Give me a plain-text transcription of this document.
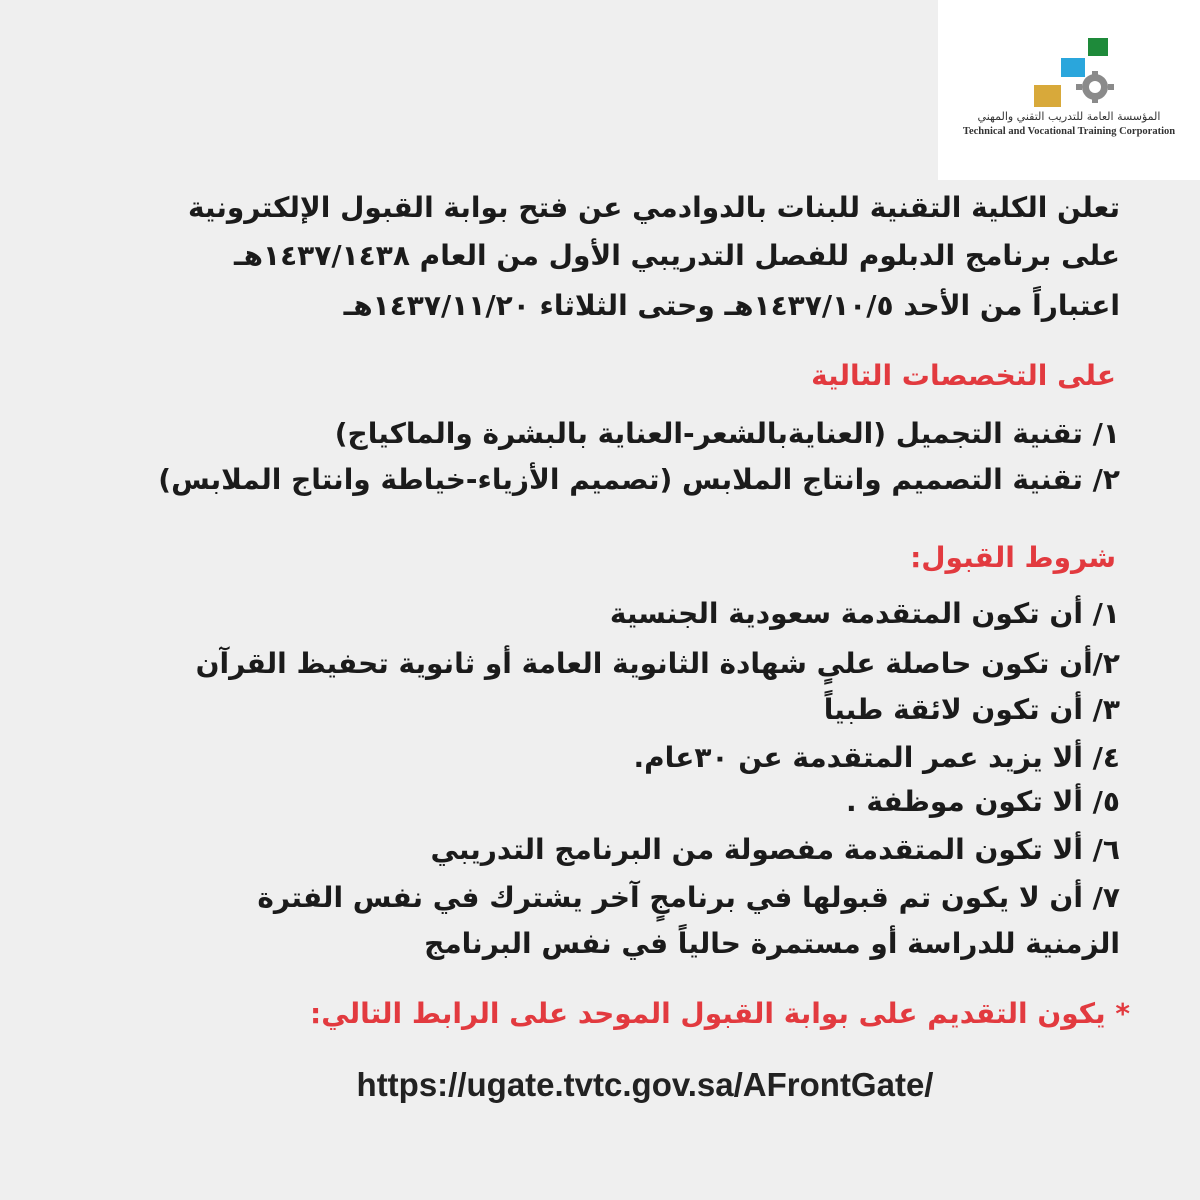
المؤسسة العامة للتدريب التقني والمهني
Technical and Vocational Training Corporation
تعلن الكلية التقنية للبنات بالدوادمي عن فتح بوابة القبول الإلكترونية
على برنامج الدبلوم للفصل التدريبي الأول من العام ١٤٣٧/١٤٣٨هـ
اعتباراً من الأحد ١٤٣٧/١٠/٥هـ وحتى الثلاثاء ١٤٣٧/١١/٢٠هـ
على التخصصات التالية
١/ تقنية التجميل (العنايةبالشعر-العناية بالبشرة والماكياج)
٢/ تقنية التصميم وانتاج الملابس (تصميم الأزياء-خياطة وانتاج الملابس)
شروط القبول:
١/ أن تكون المتقدمة سعودية الجنسية
٢/أن تكون حاصلة علىٍ شهادة الثانوية العامة أو ثانوية تحفيظ القرآن
٣/ أن تكون لائقة طبياً
٤/ ألا يزيد عمر المتقدمة عن ٣٠عام.
٥/ ألا تكون موظفة .
٦/ ألا تكون المتقدمة مفصولة من البرنامج التدريبي
٧/ أن لا يكون تم قبولها في برنامجٍ آخر يشترك في نفس الفترة
الزمنية للدراسة أو مستمرة حالياً في نفس البرنامج
* يكون التقديم على بوابة القبول الموحد على الرابط التالي:
https://ugate.tvtc.gov.sa/AFrontGate/
